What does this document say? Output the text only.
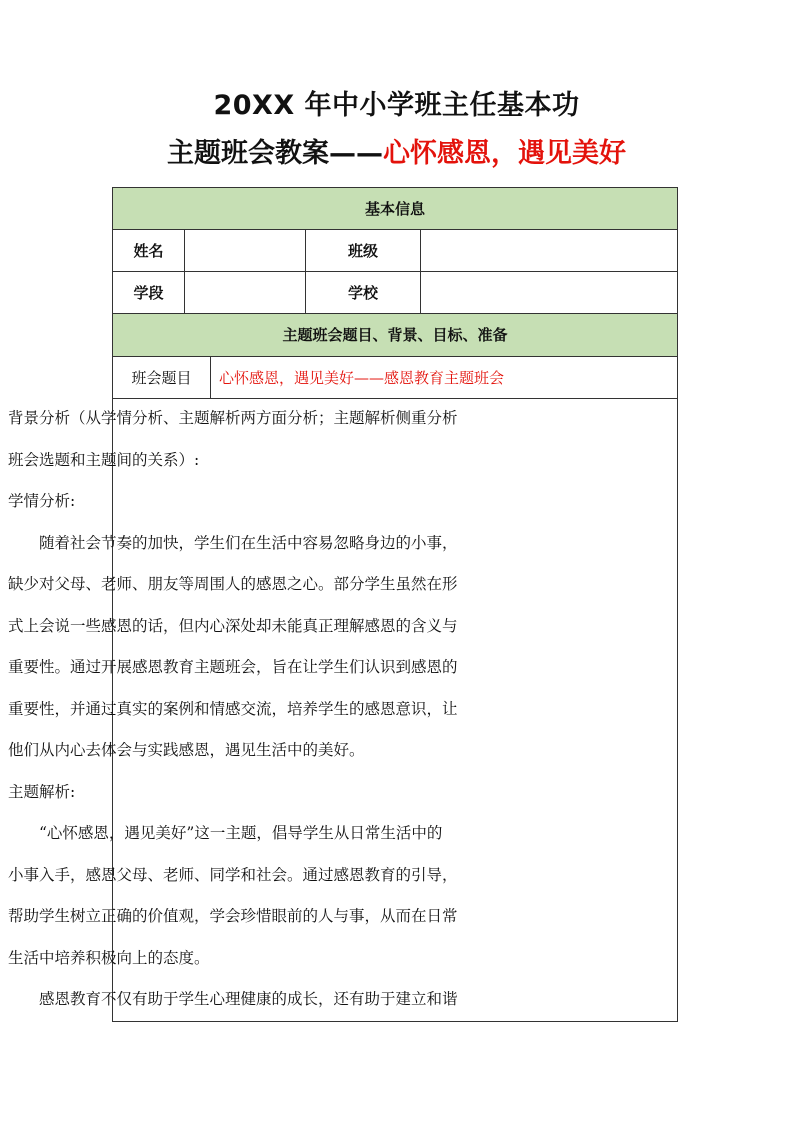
20XX 年中小学班主任基本功
主题班会教案——心怀感恩，遇见美好
基本信息
姓名	班级
学段	学校
主题班会题目、背景、目标、准备
班会题目	心怀感恩，遇见美好——感恩教育主题班会
背景分析（从学情分析、主题解析两方面分析；主题解析侧重分析
班会选题和主题间的关系）:
学情分析:
随着社会节奏的加快，学生们在生活中容易忽略身边的小事，
缺少对父母、老师、朋友等周围人的感恩之心。部分学生虽然在形
式上会说一些感恩的话，但内心深处却未能真正理解感恩的含义与
重要性。通过开展感恩教育主题班会，旨在让学生们认识到感恩的
重要性，并通过真实的案例和情感交流，培养学生的感恩意识，让
他们从内心去体会与实践感恩，遇见生活中的美好。
主题解析:
“心怀感恩，遇见美好”这一主题，倡导学生从日常生活中的
小事入手，感恩父母、老师、同学和社会。通过感恩教育的引导，
帮助学生树立正确的价值观，学会珍惜眼前的人与事，从而在日常
生活中培养积极向上的态度。
感恩教育不仅有助于学生心理健康的成长，还有助于建立和谐
